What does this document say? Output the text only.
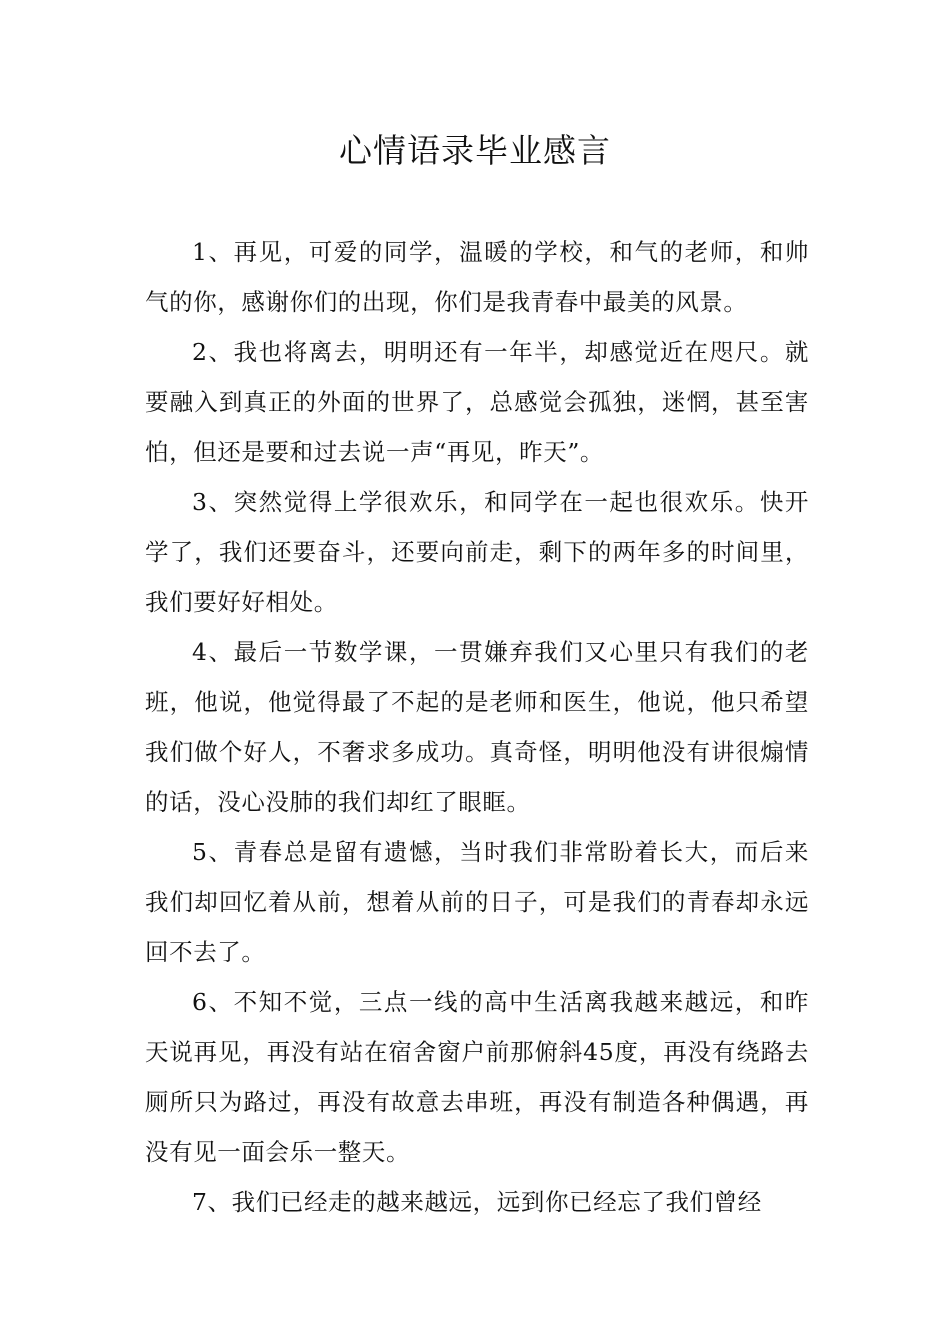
心情语录毕业感言

1、再见，可爱的同学，温暖的学校，和气的老师，和帅气的你，感谢你们的出现，你们是我青春中最美的风景。

2、我也将离去，明明还有一年半，却感觉近在咫尺。就要融入到真正的外面的世界了，总感觉会孤独，迷惘，甚至害怕，但还是要和过去说一声“再见，昨天”。

3、突然觉得上学很欢乐，和同学在一起也很欢乐。快开学了，我们还要奋斗，还要向前走，剩下的两年多的时间里，我们要好好相处。

4、最后一节数学课，一贯嫌弃我们又心里只有我们的老班，他说，他觉得最了不起的是老师和医生，他说，他只希望我们做个好人，不奢求多成功。真奇怪，明明他没有讲很煽情的话，没心没肺的我们却红了眼眶。

5、青春总是留有遗憾，当时我们非常盼着长大，而后来我们却回忆着从前，想着从前的日子，可是我们的青春却永远回不去了。

6、不知不觉，三点一线的高中生活离我越来越远，和昨天说再见，再没有站在宿舍窗户前那俯斜45度，再没有绕路去厕所只为路过，再没有故意去串班，再没有制造各种偶遇，再没有见一面会乐一整天。

7、我们已经走的越来越远，远到你已经忘了我们曾经
